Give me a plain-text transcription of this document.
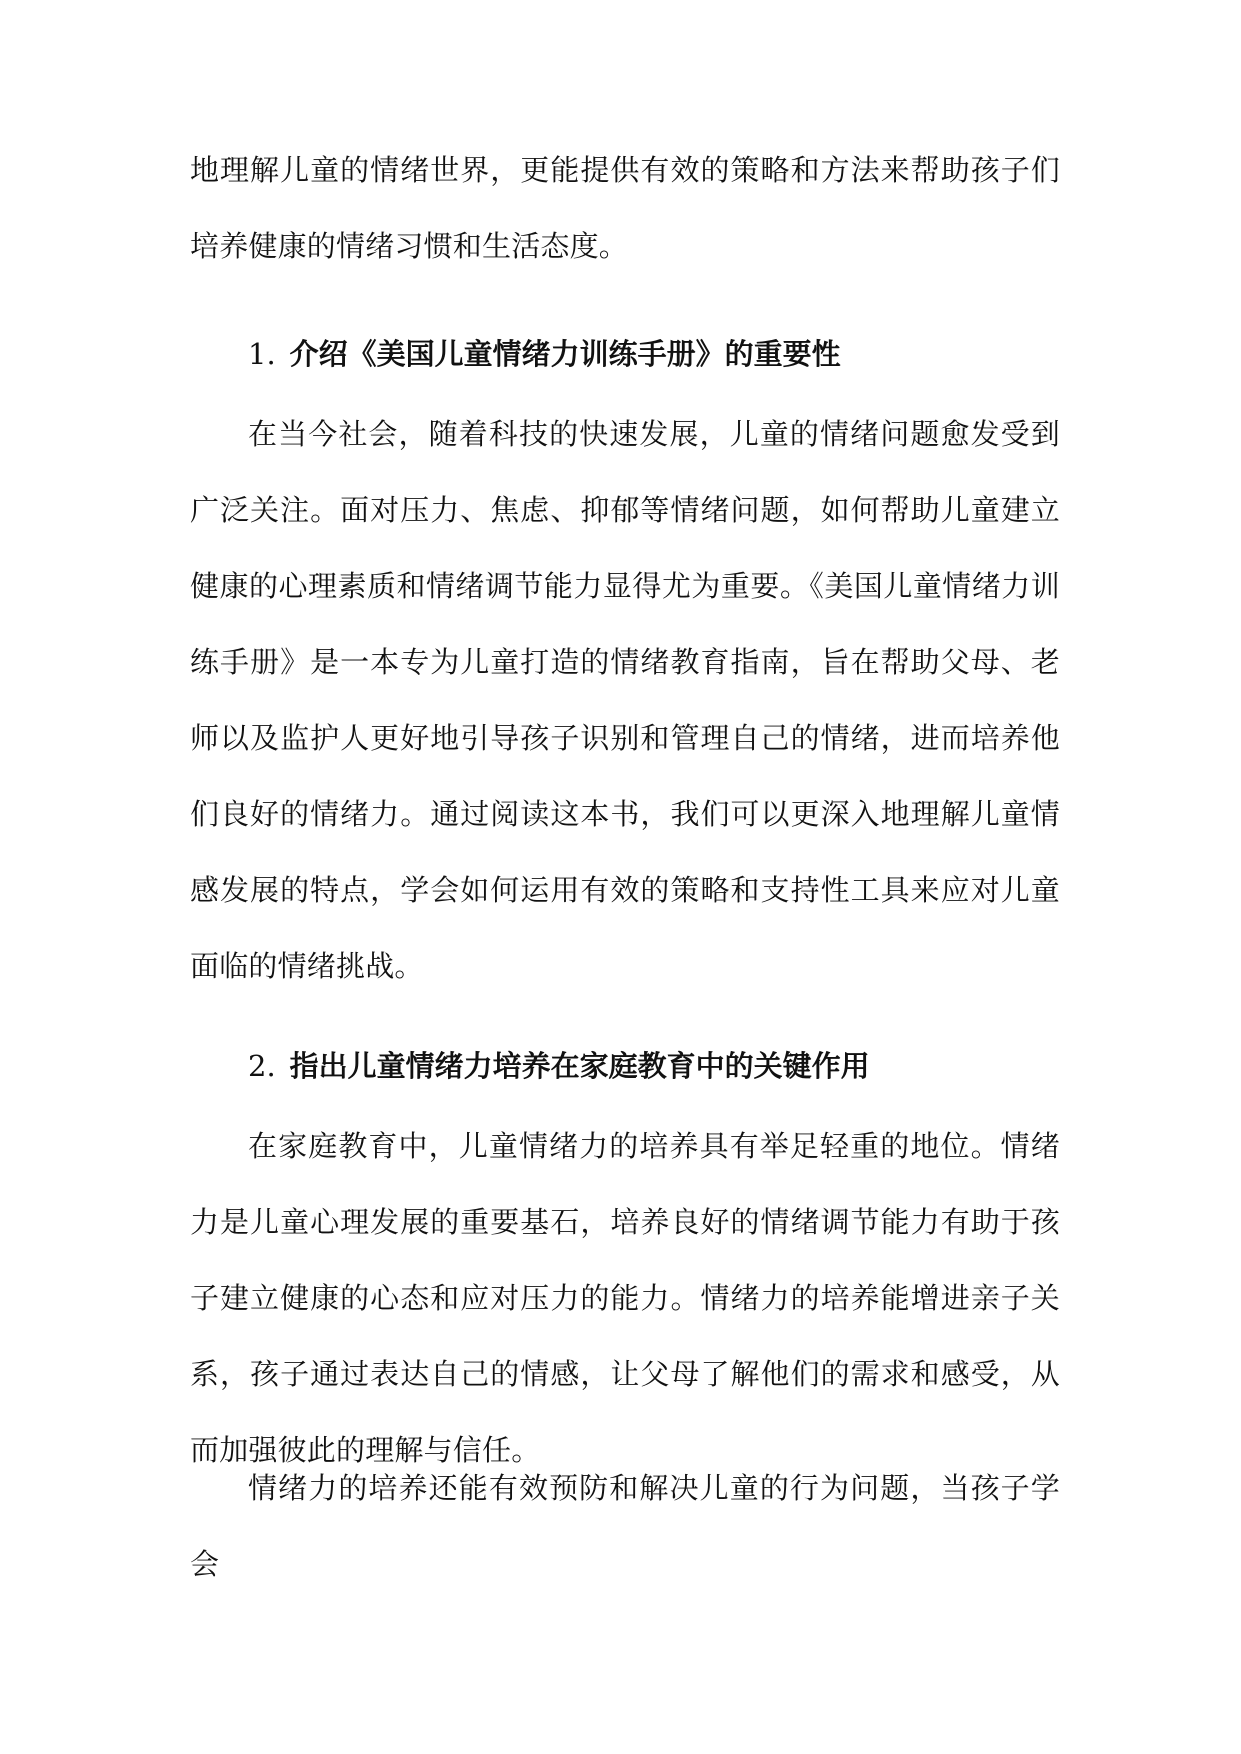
地理解儿童的情绪世界，更能提供有效的策略和方法来帮助孩子们培养健康的情绪习惯和生活态度。

1. 介绍《美国儿童情绪力训练手册》的重要性

在当今社会，随着科技的快速发展，儿童的情绪问题愈发受到广泛关注。面对压力、焦虑、抑郁等情绪问题，如何帮助儿童建立健康的心理素质和情绪调节能力显得尤为重要。《美国儿童情绪力训练手册》是一本专为儿童打造的情绪教育指南，旨在帮助父母、老师以及监护人更好地引导孩子识别和管理自己的情绪，进而培养他们良好的情绪力。通过阅读这本书，我们可以更深入地理解儿童情感发展的特点，学会如何运用有效的策略和支持性工具来应对儿童面临的情绪挑战。

2. 指出儿童情绪力培养在家庭教育中的关键作用

在家庭教育中，儿童情绪力的培养具有举足轻重的地位。情绪力是儿童心理发展的重要基石，培养良好的情绪调节能力有助于孩子建立健康的心态和应对压力的能力。情绪力的培养能增进亲子关系，孩子通过表达自己的情感，让父母了解他们的需求和感受，从而加强彼此的理解与信任。

情绪力的培养还能有效预防和解决儿童的行为问题，当孩子学会
